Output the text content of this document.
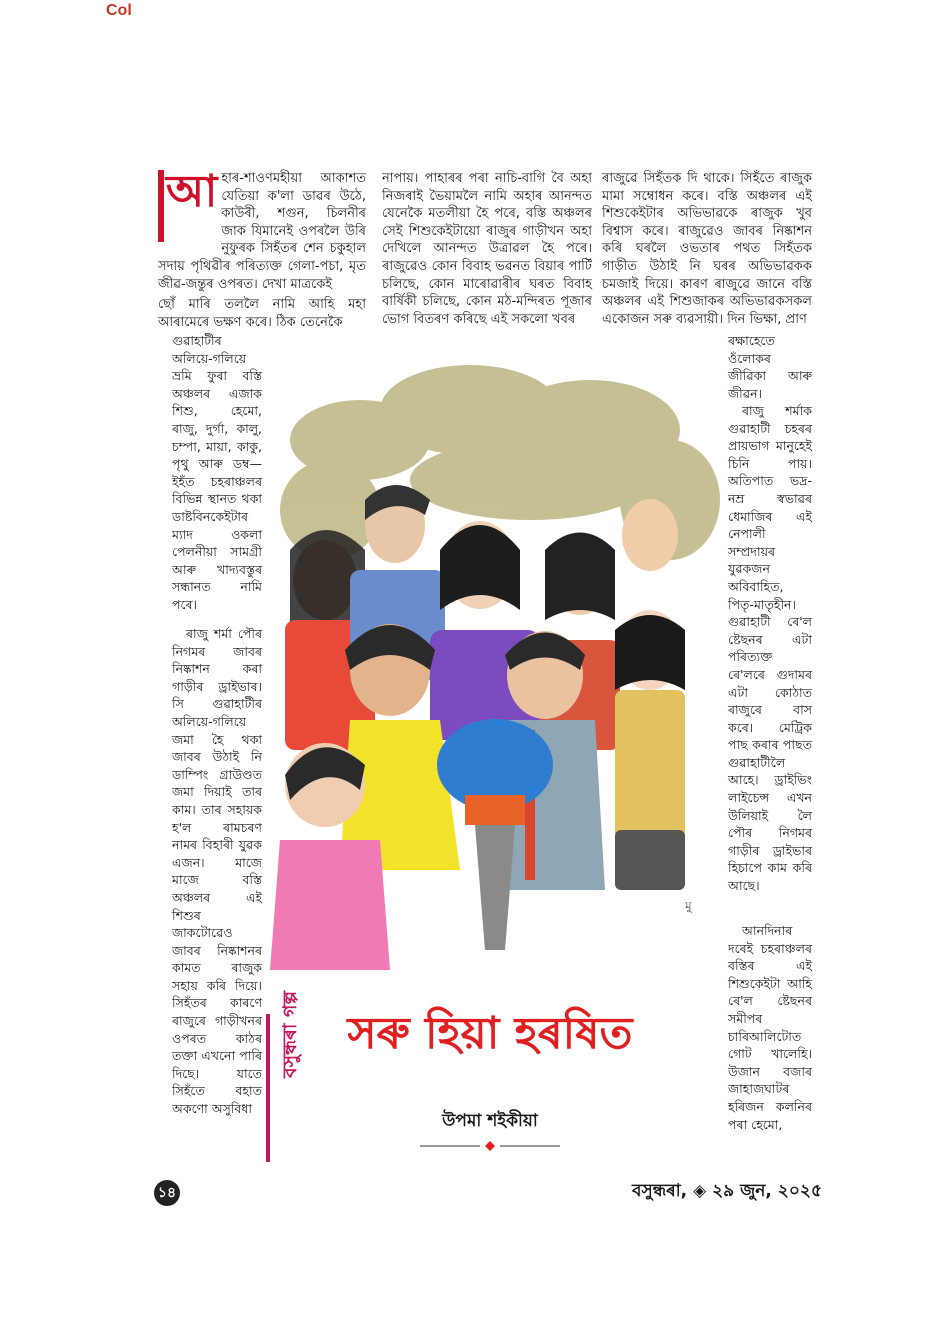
Col
আ হাৰ-শাওণমহীয়া আকাশত যেতিয়া ক'লা ডাৱৰ উঠে, কাউৰী, শগুন, চিলনীৰ জাক যিমানেই ওপৰলৈ উৰি নুফুৰক সিহঁতৰ শেন চকুহাল সদায় পৃথিৱীৰ পৰিত্যক্ত গেলা-পচা, মৃত জীৱ-জন্তুৰ ওপৰত। দেখা মাত্ৰকেই

ছোঁ মাৰি তললৈ নামি আহি মহা আৰামেৰে ভক্ষণ কৰে। ঠিক তেনেকৈ

গুৱাহাটীৰ অলিয়ে-গলিয়ে ভ্ৰমি ফুৰা বস্তি অঞ্চলৰ এজাক শিশু, হেমো, ৰাজু, দুৰ্গা, কালু, চম্পা, মায়া, কাকু, পৃথু আৰু ডম্ব— ইহঁত চহৰাঞ্চলৰ বিভিন্ন স্থানত থকা ডাষ্টবিনকেইটাৰ ম্যাদ ওকলা পেলনীয়া সামগ্ৰী আৰু খাদ্যবস্তুৰ সন্ধানত নামি পৰে।

ৰাজু শৰ্মা পৌৰ নিগমৰ জাবৰ নিষ্কাশন কৰা গাড়ীৰ ড্ৰাইভাৰ। সি গুৱাহাটীৰ অলিয়ে-গলিয়ে জমা হৈ থকা জাবৰ উঠাই নি ডাম্পিং গ্ৰাউণ্ডত জমা দিয়াই তাৰ কাম। তাৰ সহায়ক হ'ল ৰামচৰণ নামৰ বিহাৰী যুৱক এজন। মাজে মাজে বস্তি অঞ্চলৰ এই শিশুৰ জাকটোৱেও জাবৰ নিষ্কাশনৰ কামত ৰাজুক সহায় কৰি দিয়ে। সিহঁতৰ কাৰণে ৰাজুৰে গাড়ীখনৰ ওপৰত কাঠৰ তক্তা এখনো পাৰি দিছে। যাতে সিহঁতে বহাত অকণো অসুবিধা

নাপায়। পাহাৰৰ পৰা নাচি-বাগি বৈ অহা নিজৰাই ভৈয়ামলৈ নামি অহাৰ আনন্দত যেনেকৈ মতলীয়া হৈ পৰে, বস্তি অঞ্চলৰ সেই শিশুকেইটায়ো ৰাজুৰ গাড়ীখন অহা দেখিলে আনন্দত উত্ৰাৱল হৈ পৰে। ৰাজুৱেও কোন বিবাহ ভৱনত বিয়াৰ পাৰ্টি চলিছে, কোন মাৰোৱাৰীৰ ঘৰত বিবাহ বাৰ্ষিকী চলিছে, কোন মঠ-মন্দিৰত পূজাৰ ভোগ বিতৰণ কৰিছে এই সকলো খবৰ

ৰাজুৱে সিহঁতক দি থাকে। সিহঁতে ৰাজুক মামা সম্বোধন কৰে। বস্তি অঞ্চলৰ এই শিশুকেইটাৰ অভিভাৱকে ৰাজুক খুব বিশ্বাস কৰে। ৰাজুৱেও জাবৰ নিষ্কাশন কৰি ঘৰলৈ ওভতাৰ পথত সিহঁতক গাড়ীত উঠাই নি ঘৰৰ অভিভাৱকক চমজাই দিয়ে। কাৰণ ৰাজুৱে জানে বস্তি অঞ্চলৰ এই শিশুজাকৰ অভিভাৱকসকল একোজন সৰু ব্যৱসায়ী। দিন ভিক্ষা, প্ৰাণ

ৰক্ষাহেতে ওঁলোকৰ জীৱিকা আৰু জীৱন।

ৰাজু শৰ্মাক গুৱাহাটী চহৰৰ প্ৰায়ভাগ মানুহেই চিনি পায়। অতিপাত ভদ্ৰ-নম্ৰ স্বভাৱৰ ধেমাজিৰ এই নেপালী সম্প্ৰদায়ৰ যুৱকজন অবিবাহিত, পিতৃ-মাতৃহীন। গুৱাহাটী ৰে'ল ষ্টেছনৰ এটা পৰিত্যক্ত ৰে'লৰে গুদামৰ এটা কোঠাত ৰাজুৰে বাস কৰে। মেট্ৰিক পাছ কৰাৰ পাছত গুৱাহাটীলৈ আহে। ড্ৰাইভিং লাইচেন্স এখন উলিয়াই লৈ পৌৰ নিগমৰ গাড়ীৰ ড্ৰাইভাৰ হিচাপে কাম কৰি আছে।

আনদিনাৰ দৰেই চহৰাঞ্চলৰ বস্তিৰ এই শিশুকেইটা আহি ৰে'ল ষ্টেছনৰ সমীপৰ চাৰিআলিটোত গোট খালেহি। উজান বজাৰ জাহাজঘাটৰ হৰিজন কলনিৰ পৰা হেমো,

মু
বসুন্ধৰা গল্প	সৰু হিয়া হৰষিত

উপমা শইকীয়া

১৪	বসুন্ধৰা, ◈ ২৯ জুন, ২০২৫
